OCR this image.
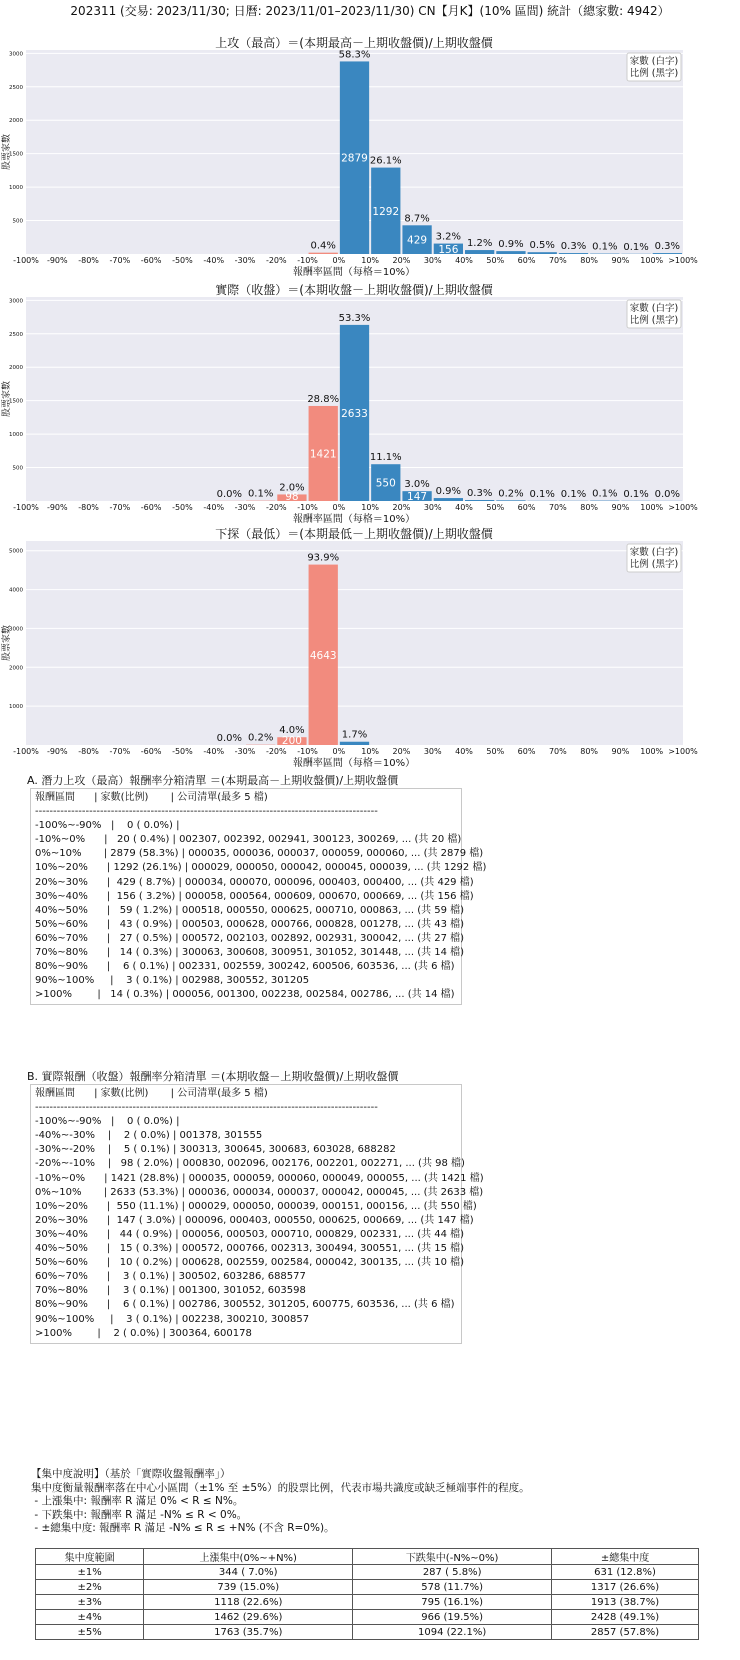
202311 (交易: 2023/11/30; 日曆: 2023/11/01–2023/11/30) CN【月K】(10% 區間) 統計（總家數: 4942）
上攻（最高）＝(本期最高－上期收盤價)/上期收盤價
500
1000
1500
2000
2500
3000
0.4%
58.3%
2879 26.1%
1292
8.7%
429 3.2%
156
1.2% 0.9% 0.5% 0.3% 0.1% 0.1% 0.3%
-100% -90% -80% -70% -60% -50% -40% -30% -20% -10% 0% 10% 20% 30% 40% 50% 60% 70% 80% 90% 100% >100%
報酬率區間（每格＝10%）
股票家數
家數 (白字)
比例 (黑字)
實際（收盤）＝(本期收盤－上期收盤價)/上期收盤價
500
1000
1500
2000
2500
3000
0.0% 0.1%
2.0%
98
28.8%
1421
53.3%
2633
11.1%
550 3.0%
147 0.9% 0.3% 0.2% 0.1% 0.1% 0.1% 0.1% 0.0%
-100% -90% -80% -70% -60% -50% -40% -30% -20% -10% 0% 10% 20% 30% 40% 50% 60% 70% 80% 90% 100% >100%
報酬率區間（每格＝10%）
股票家數
家數 (白字)
比例 (黑字)
下探（最低）＝(本期最低－上期收盤價)/上期收盤價
1000
2000
3000
4000
5000
0.0% 0.2%
4.0%
200
93.9%
4643
1.7%
-100% -90% -80% -70% -60% -50% -40% -30% -20% -10% 0% 10% 20% 30% 40% 50% 60% 70% 80% 90% 100% >100%
報酬率區間（每格＝10%）
股票家數
家數 (白字)
比例 (黑字)
A. 潛力上攻（最高）報酬率分箱清單 ＝(本期最高－上期收盤價)/上期收盤價
報酬區間      | 家數(比例)       | 公司清單(最多 5 檔)
-----------------------------------------------------------------------------------------------
-100%~-90%   |    0 ( 0.0%) |
-10%~0%      |   20 ( 0.4%) | 002307, 002392, 002941, 300123, 300269, ... (共 20 檔)
0%~10%       | 2879 (58.3%) | 000035, 000036, 000037, 000059, 000060, ... (共 2879 檔)
10%~20%      | 1292 (26.1%) | 000029, 000050, 000042, 000045, 000039, ... (共 1292 檔)
20%~30%      |  429 ( 8.7%) | 000034, 000070, 000096, 000403, 000400, ... (共 429 檔)
30%~40%      |  156 ( 3.2%) | 000058, 000564, 000609, 000670, 000669, ... (共 156 檔)
40%~50%      |   59 ( 1.2%) | 000518, 000550, 000625, 000710, 000863, ... (共 59 檔)
50%~60%      |   43 ( 0.9%) | 000503, 000628, 000766, 000828, 001278, ... (共 43 檔)
60%~70%      |   27 ( 0.5%) | 000572, 002103, 002892, 002931, 300042, ... (共 27 檔)
70%~80%      |   14 ( 0.3%) | 300063, 300608, 300951, 301052, 301448, ... (共 14 檔)
80%~90%      |    6 ( 0.1%) | 002331, 002559, 300242, 600506, 603536, ... (共 6 檔)
90%~100%     |    3 ( 0.1%) | 002988, 300552, 301205
>100%        |   14 ( 0.3%) | 000056, 001300, 002238, 002584, 002786, ... (共 14 檔)
B. 實際報酬（收盤）報酬率分箱清單 ＝(本期收盤－上期收盤價)/上期收盤價
報酬區間      | 家數(比例)       | 公司清單(最多 5 檔)
-----------------------------------------------------------------------------------------------
-100%~-90%   |    0 ( 0.0%) |
-40%~-30%    |    2 ( 0.0%) | 001378, 301555
-30%~-20%    |    5 ( 0.1%) | 300313, 300645, 300683, 603028, 688282
-20%~-10%    |   98 ( 2.0%) | 000830, 002096, 002176, 002201, 002271, ... (共 98 檔)
-10%~0%      | 1421 (28.8%) | 000035, 000059, 000060, 000049, 000055, ... (共 1421 檔)
0%~10%       | 2633 (53.3%) | 000036, 000034, 000037, 000042, 000045, ... (共 2633 檔)
10%~20%      |  550 (11.1%) | 000029, 000050, 000039, 000151, 000156, ... (共 550 檔)
20%~30%      |  147 ( 3.0%) | 000096, 000403, 000550, 000625, 000669, ... (共 147 檔)
30%~40%      |   44 ( 0.9%) | 000056, 000503, 000710, 000829, 002331, ... (共 44 檔)
40%~50%      |   15 ( 0.3%) | 000572, 000766, 002313, 300494, 300551, ... (共 15 檔)
50%~60%      |   10 ( 0.2%) | 000628, 002559, 002584, 000042, 300135, ... (共 10 檔)
60%~70%      |    3 ( 0.1%) | 300502, 603286, 688577
70%~80%      |    3 ( 0.1%) | 001300, 301052, 603598
80%~90%      |    6 ( 0.1%) | 002786, 300552, 301205, 600775, 603536, ... (共 6 檔)
90%~100%     |    3 ( 0.1%) | 002238, 300210, 300857
>100%        |    2 ( 0.0%) | 300364, 600178
【集中度說明】（基於「實際收盤報酬率」）
集中度衡量報酬率落在中心小區間（±1% 至 ±5%）的股票比例，代表市場共識度或缺乏極端事件的程度。
- 上漲集中: 報酬率 R 滿足 0% < R ≤ N%。
- 下跌集中: 報酬率 R 滿足 -N% ≤ R < 0%。
- ±總集中度: 報酬率 R 滿足 -N% ≤ R ≤ +N% (不含 R=0%)。
集中度範圍	上漲集中(0%~+N%)	下跌集中(-N%~0%)	±總集中度
±1%	344 ( 7.0%)	287 ( 5.8%)	631 (12.8%)
±2%	739 (15.0%)	578 (11.7%)	1317 (26.6%)
±3%	1118 (22.6%)	795 (16.1%)	1913 (38.7%)
±4%	1462 (29.6%)	966 (19.5%)	2428 (49.1%)
±5%	1763 (35.7%)	1094 (22.1%)	2857 (57.8%)
